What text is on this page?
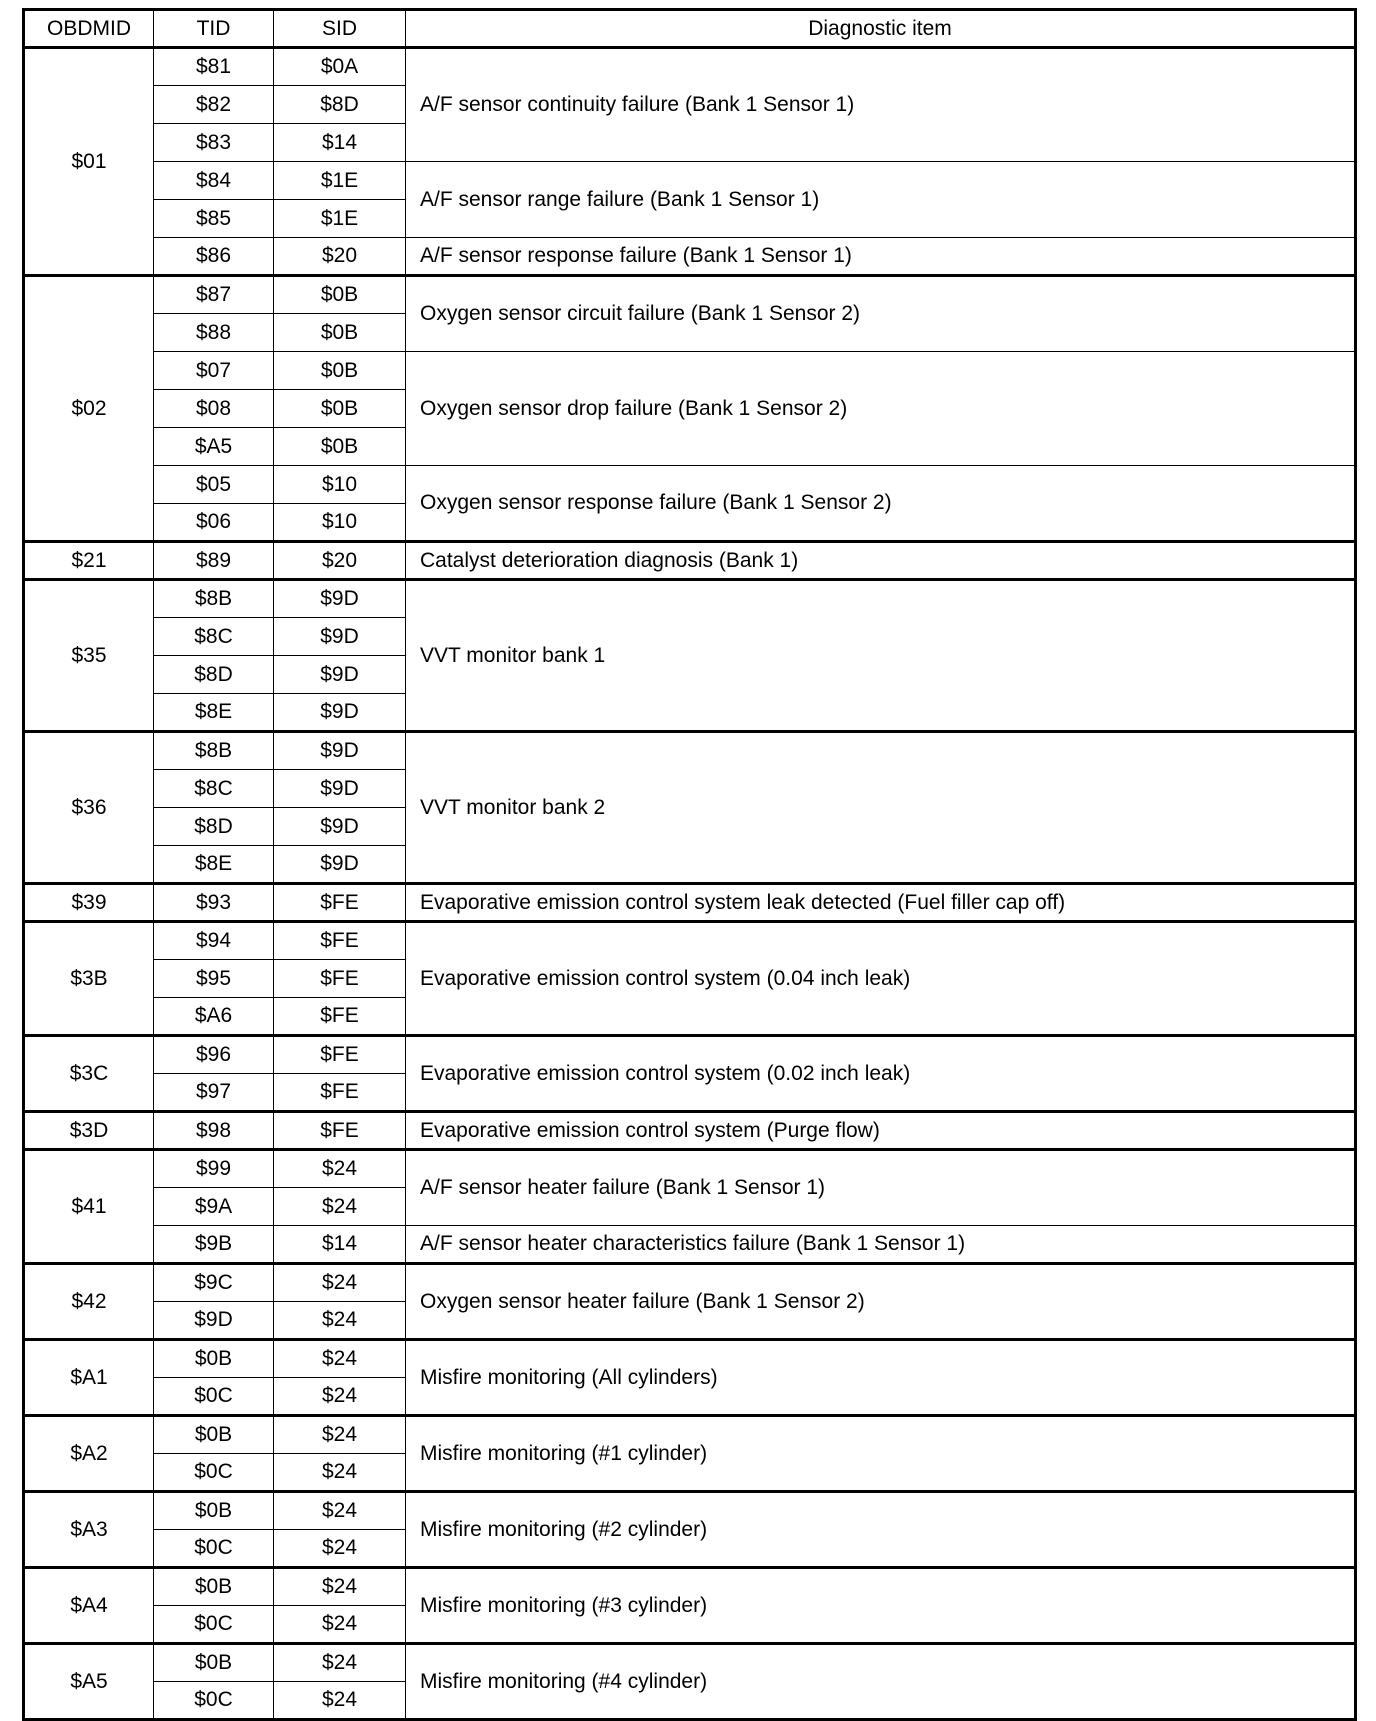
OBDMID	TID	SID	Diagnostic item
$01	$81	$0A	A/F sensor continuity failure (Bank 1 Sensor 1)
	$82	$8D	
	$83	$14	
	$84	$1E	A/F sensor range failure (Bank 1 Sensor 1)
	$85	$1E	
	$86	$20	A/F sensor response failure (Bank 1 Sensor 1)
$02	$87	$0B	Oxygen sensor circuit failure (Bank 1 Sensor 2)
	$88	$0B	
	$07	$0B	Oxygen sensor drop failure (Bank 1 Sensor 2)
	$08	$0B	
	$A5	$0B	
	$05	$10	Oxygen sensor response failure (Bank 1 Sensor 2)
	$06	$10	
$21	$89	$20	Catalyst deterioration diagnosis (Bank 1)
$35	$8B	$9D	VVT monitor bank 1
	$8C	$9D	
	$8D	$9D	
	$8E	$9D	
$36	$8B	$9D	VVT monitor bank 2
	$8C	$9D	
	$8D	$9D	
	$8E	$9D	
$39	$93	$FE	Evaporative emission control system leak detected (Fuel filler cap off)
$3B	$94	$FE	Evaporative emission control system (0.04 inch leak)
	$95	$FE	
	$A6	$FE	
$3C	$96	$FE	Evaporative emission control system (0.02 inch leak)
	$97	$FE	
$3D	$98	$FE	Evaporative emission control system (Purge flow)
$41	$99	$24	A/F sensor heater failure (Bank 1 Sensor 1)
	$9A	$24	
	$9B	$14	A/F sensor heater characteristics failure (Bank 1 Sensor 1)
$42	$9C	$24	Oxygen sensor heater failure (Bank 1 Sensor 2)
	$9D	$24	
$A1	$0B	$24	Misfire monitoring (All cylinders)
	$0C	$24	
$A2	$0B	$24	Misfire monitoring (#1 cylinder)
	$0C	$24	
$A3	$0B	$24	Misfire monitoring (#2 cylinder)
	$0C	$24	
$A4	$0B	$24	Misfire monitoring (#3 cylinder)
	$0C	$24	
$A5	$0B	$24	Misfire monitoring (#4 cylinder)
	$0C	$24	
